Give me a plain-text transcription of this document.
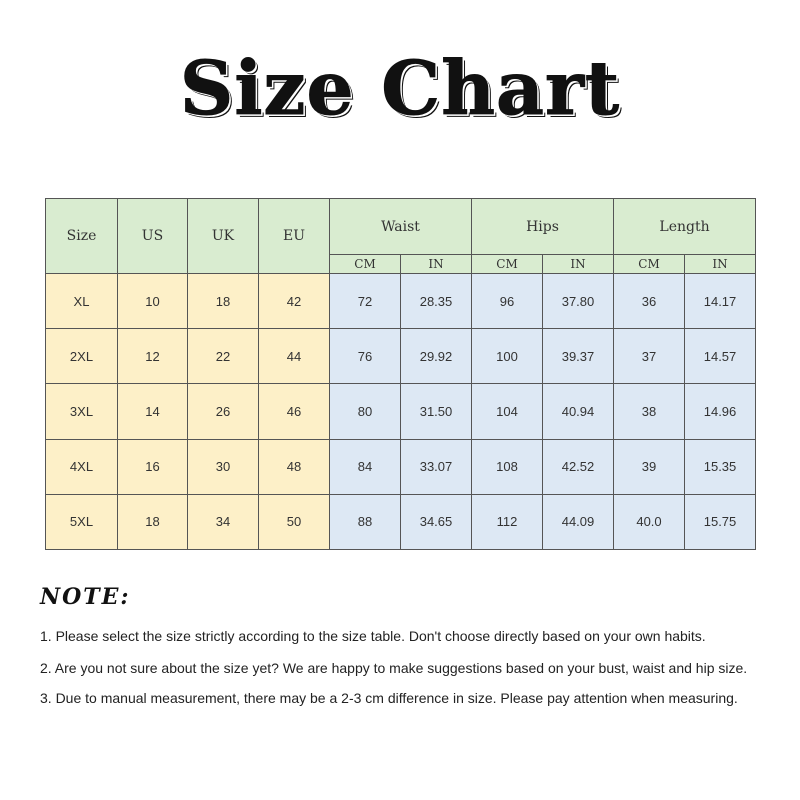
Size Chart
Size	US	UK	EU	Waist		Hips		Length	
				CM	IN	CM	IN	CM	IN
XL	10	18	42	72	28.35	96	37.80	36	14.17
2XL	12	22	44	76	29.92	100	39.37	37	14.57
3XL	14	26	46	80	31.50	104	40.94	38	14.96
4XL	16	30	48	84	33.07	108	42.52	39	15.35
5XL	18	34	50	88	34.65	112	44.09	40.0	15.75
NOTE:
1. Please select the size strictly according to the size table. Don't choose directly based on your own habits.
2. Are you not sure about the size yet? We are happy to make suggestions based on your bust, waist and hip size.
3. Due to manual measurement, there may be a 2-3 cm difference in size. Please pay attention when measuring.
